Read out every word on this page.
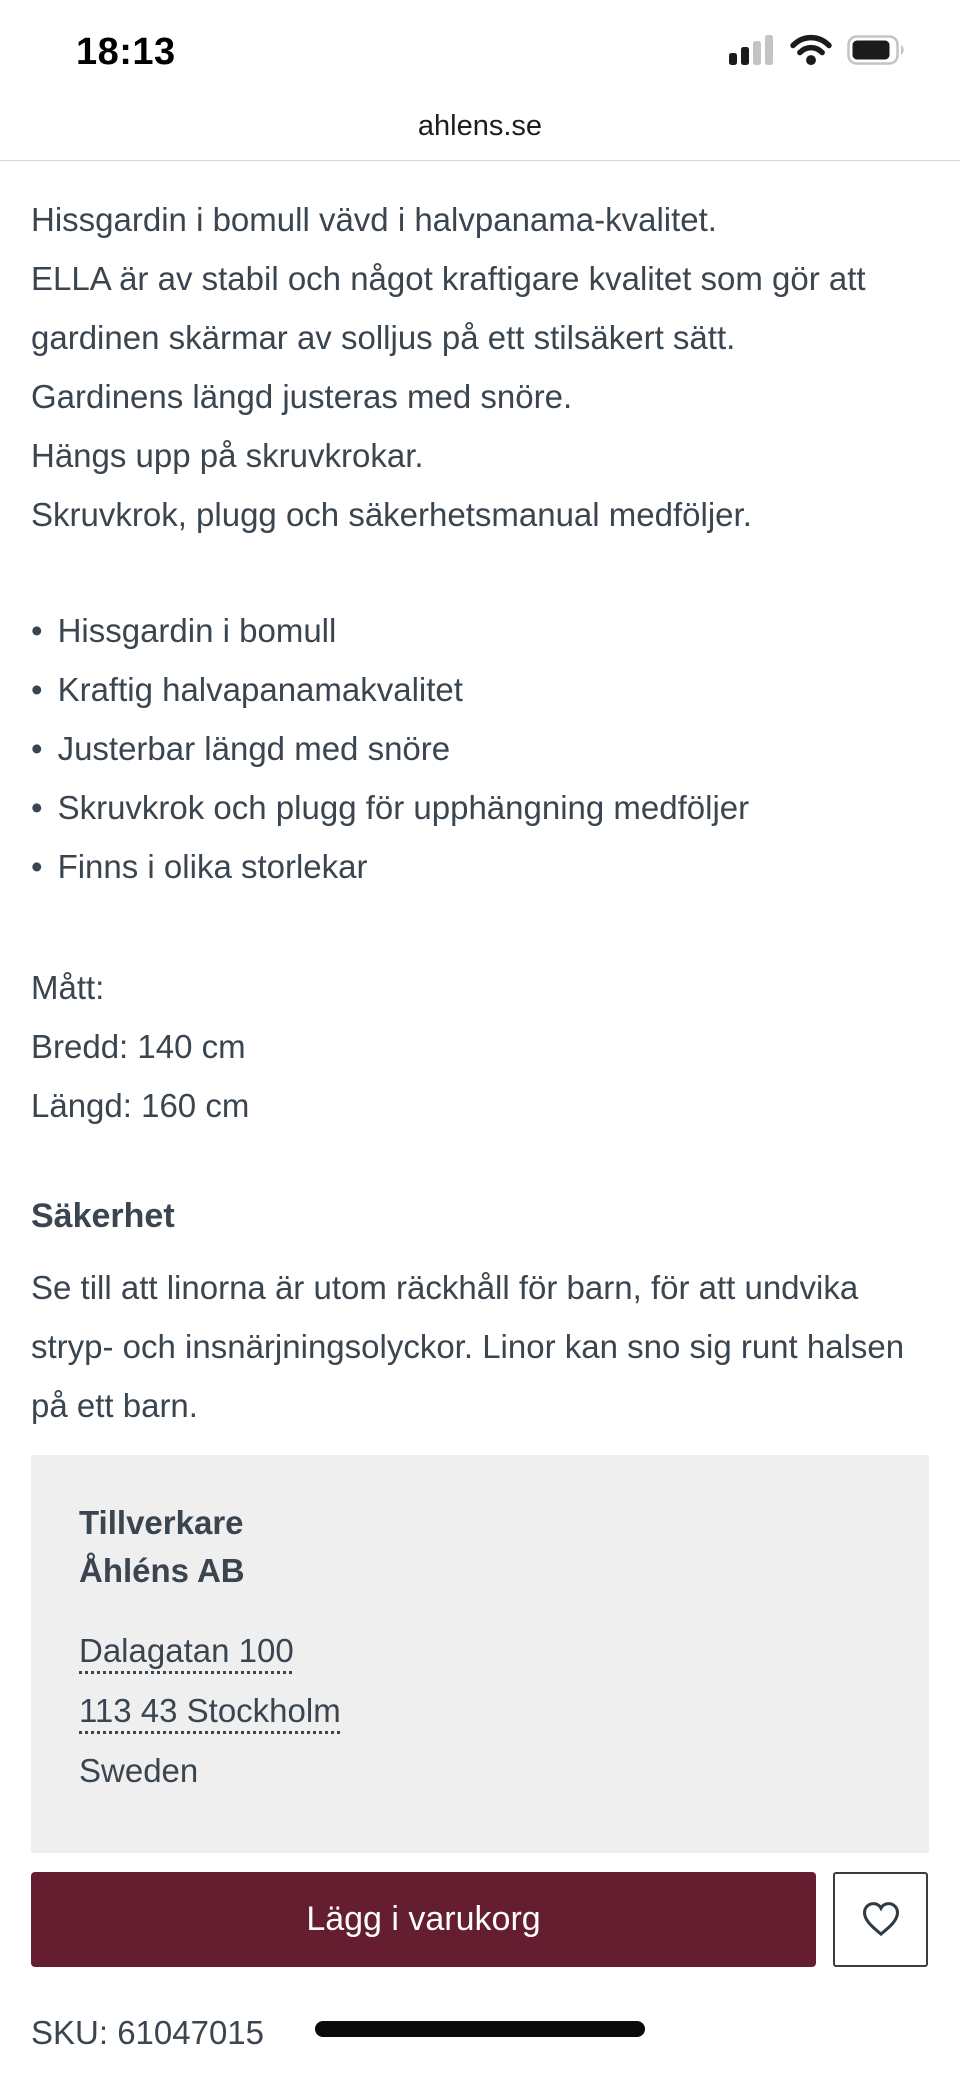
18:13
ahlens.se

Hissgardin i bomull vävd i halvpanama-kvalitet.

ELLA är av stabil och något kraftigare kvalitet som gör att gardinen skärmar av solljus på ett stilsäkert sätt.

Gardinens längd justeras med snöre.

Hängs upp på skruvkrokar.

Skruvkrok, plugg och säkerhetsmanual medföljer.

• Hissgardin i bomull
• Kraftig halvapanamakvalitet
• Justerbar längd med snöre
• Skruvkrok och plugg för upphängning medföljer
• Finns i olika storlekar
Mått:
Bredd: 140 cm
Längd: 160 cm
Säkerhet

Se till att linorna är utom räckhåll för barn, för att undvika stryp- och insnärjningsolyckor. Linor kan sno sig runt halsen på ett barn.

Tillverkare
Åhléns AB
Dalagatan 100
113 43 Stockholm
Sweden
SKU: 61047015
Lägg i varukorg
